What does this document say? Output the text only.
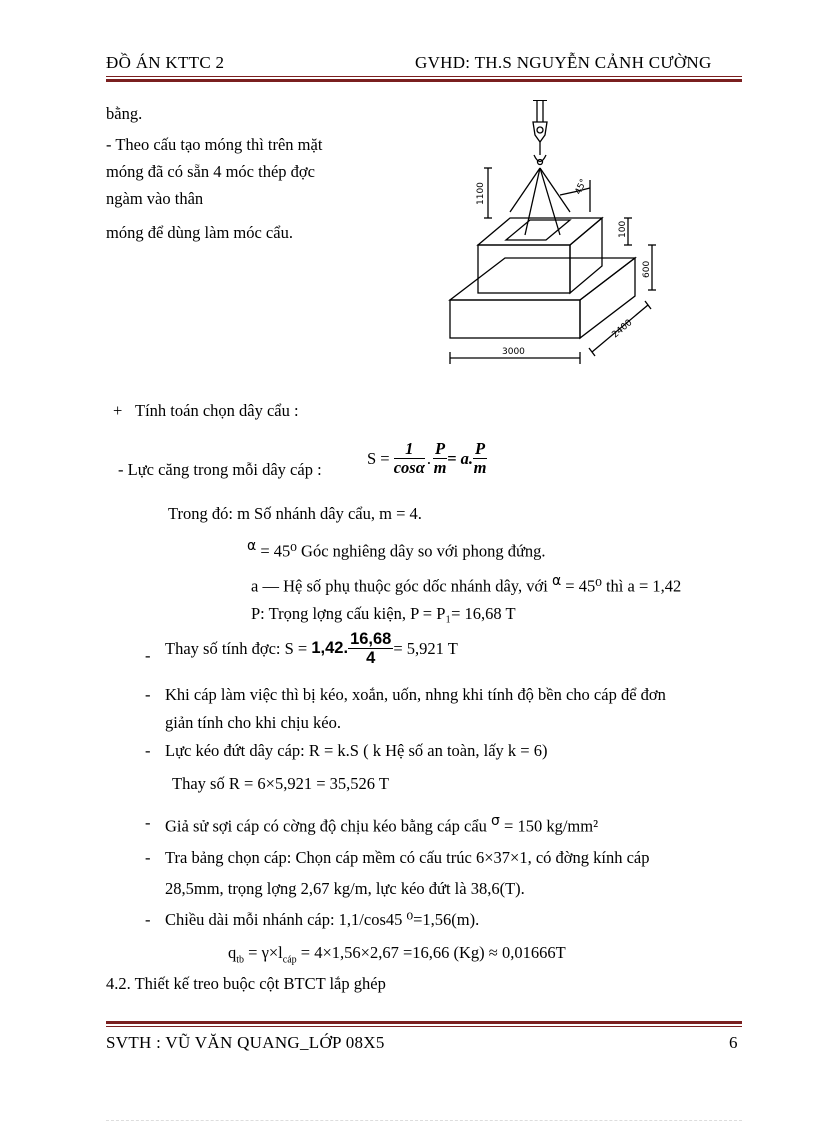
ĐỒ ÁN KTTC 2	GVHD: TH.S NGUYỄN CẢNH CƯỜNG
bằng.
- Theo cấu tạo móng thì trên mặt
móng đã có sẵn 4 móc thép đợc
ngàm vào thân
móng để dùng làm móc cẩu.
1100	45°
100
600
2400
3000
+ Tính toán chọn dây cẩu :
- Lực căng trong mỗi dây cáp :
S =
$\frac{1}{\cos\alpha}$ . $\frac{P}{m} = a$. $\frac{P}{m}$
Trong đó: m Số nhánh dây cẩu, m = 4.
$^\alpha$ = 45⁰ Góc nghiêng dây so với phong đứng.
a — Hệ số phụ thuộc góc dốc nhánh dây, với $^\alpha$ = 45⁰ thì a = 1,42
P: Trọng lợng cấu kiện, P = P₁= 16,68 T
- Thay số tính đợc: S =
1,42. $\frac{16,68}{4} = 5,921$ T
- Khi cáp làm việc thì bị kéo, xoắn, uốn, nhng khi tính độ bền cho cáp để đơn
giản tính cho khi chịu kéo.
- Lực kéo đứt dây cáp: R = k.S ( k Hệ số an toàn, lấy k = 6)
Thay số R = 6×5,921 = 35,526 T
- Giả sử sợi cáp có cờng độ chịu kéo bằng cáp cẩu $^\sigma$ = 150 kg/mm²
- Tra bảng chọn cáp: Chọn cáp mềm có cấu trúc 6×37×1, có đờng kính cáp
28,5mm, trọng lợng 2,67 kg/m, lực kéo đứt là 38,6(T).
- Chiều dài mỗi nhánh cáp: 1,1/cos45 ⁰=1,56(m).
$q_{tb} = \gamma\times l_{cáp} = 4\times 1,56\times 2,67 =16,66$ (Kg) ≈ 0,01666T
4.2. Thiết kế treo buộc cột BTCT lắp ghép
SVTH : VŨ VĂN QUANG_LỚP 08X5	6
